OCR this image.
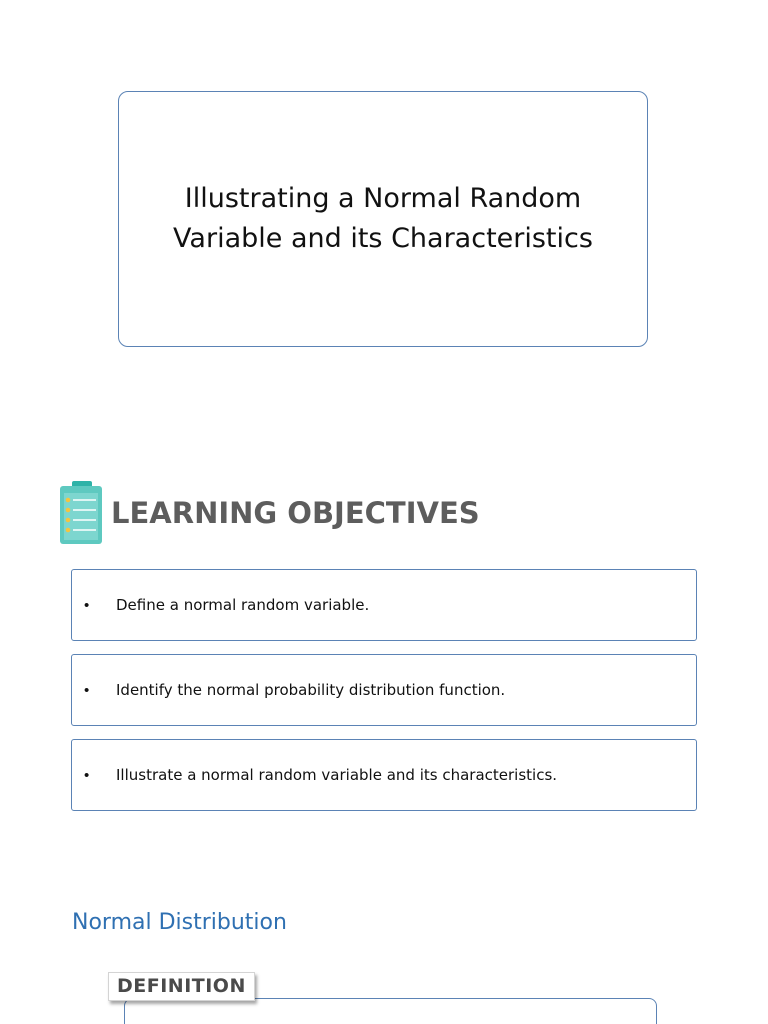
Illustrating a Normal Random Variable and its Characteristics
LEARNING OBJECTIVES
•	Define a normal random variable.
•	Identify the normal probability distribution function.
•	Illustrate a normal random variable and its characteristics.
Normal Distribution
DEFINITION
